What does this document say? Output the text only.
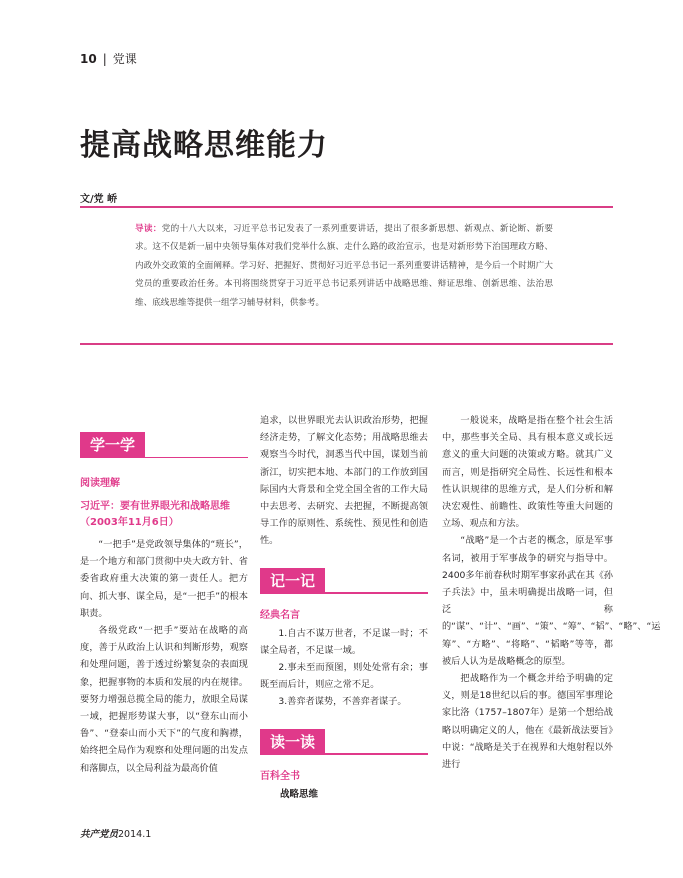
10 | 党课
提高战略思维能力
文/党 峤
导读：党的十八大以来，习近平总书记发表了一系列重要讲话，提出了很多新思想、新观点、新论断、新要求。这不仅是新一届中央领导集体对我们党举什么旗、走什么路的政治宣示，也是对新形势下治国理政方略、内政外交政策的全面阐释。学习好、把握好、贯彻好习近平总书记一系列重要讲话精神，是今后一个时期广大党员的重要政治任务。本刊将围绕贯穿于习近平总书记系列讲话中战略思维、辩证思维、创新思维、法治思维、底线思维等提供一组学习辅导材料，供参考。
学一学
阅读理解
习近平：要有世界眼光和战略思维（2003年11月6日）

“一把手”是党政领导集体的“班长”，是一个地方和部门贯彻中央大政方针、省委省政府重大决策的第一责任人。把方向、抓大事、谋全局，是“一把手”的根本职责。

各级党政“一把手”要站在战略的高度，善于从政治上认识和判断形势，观察和处理问题，善于透过纷繁复杂的表面现象，把握事物的本质和发展的内在规律。要努力增强总揽全局的能力，放眼全局谋一域，把握形势谋大事，以“登东山而小鲁”、“登泰山而小天下”的气度和胸襟，始终把全局作为观察和处理问题的出发点和落脚点，以全局利益为最高价值

追求，以世界眼光去认识政治形势，把握经济走势，了解文化态势；用战略思维去观察当今时代，洞悉当代中国，谋划当前浙江，切实把本地、本部门的工作放到国际国内大背景和全党全国全省的工作大局中去思考、去研究、去把握，不断提高领导工作的原则性、系统性、预见性和创造性。

记一记
经典名言

1.自古不谋万世者，不足谋一时；不谋全局者，不足谋一域。

2.事未至而预图，则处处常有余；事既至而后计，则应之常不足。

3.善弈者谋势，不善弈者谋子。

读一读
百科全书
战略思维

一般说来，战略是指在整个社会生活中，那些事关全局、具有根本意义或长远意义的重大问题的决策或方略。就其广义而言，则是指研究全局性、长远性和根本性认识规律的思维方式，是人们分析和解决宏观性、前瞻性、政策性等重大问题的立场、观点和方法。

“战略”是一个古老的概念，原是军事名词，被用于军事战争的研究与指导中。2400多年前春秋时期军事家孙武在其《孙子兵法》中，虽未明确提出战略一词，但泛称的“谋”、“计”、“画”、“策”、“筹”、“韬”、“略”、“运筹”、“方略”、“将略”、“韬略”等等，都被后人认为是战略概念的原型。

把战略作为一个概念并给予明确的定义，则是18世纪以后的事。德国军事理论家比洛（1757–1807年）是第一个想给战略以明确定义的人，他在《最新战法要旨》中说：“战略是关于在视界和大炮射程以外进行

共产党员2014.1
